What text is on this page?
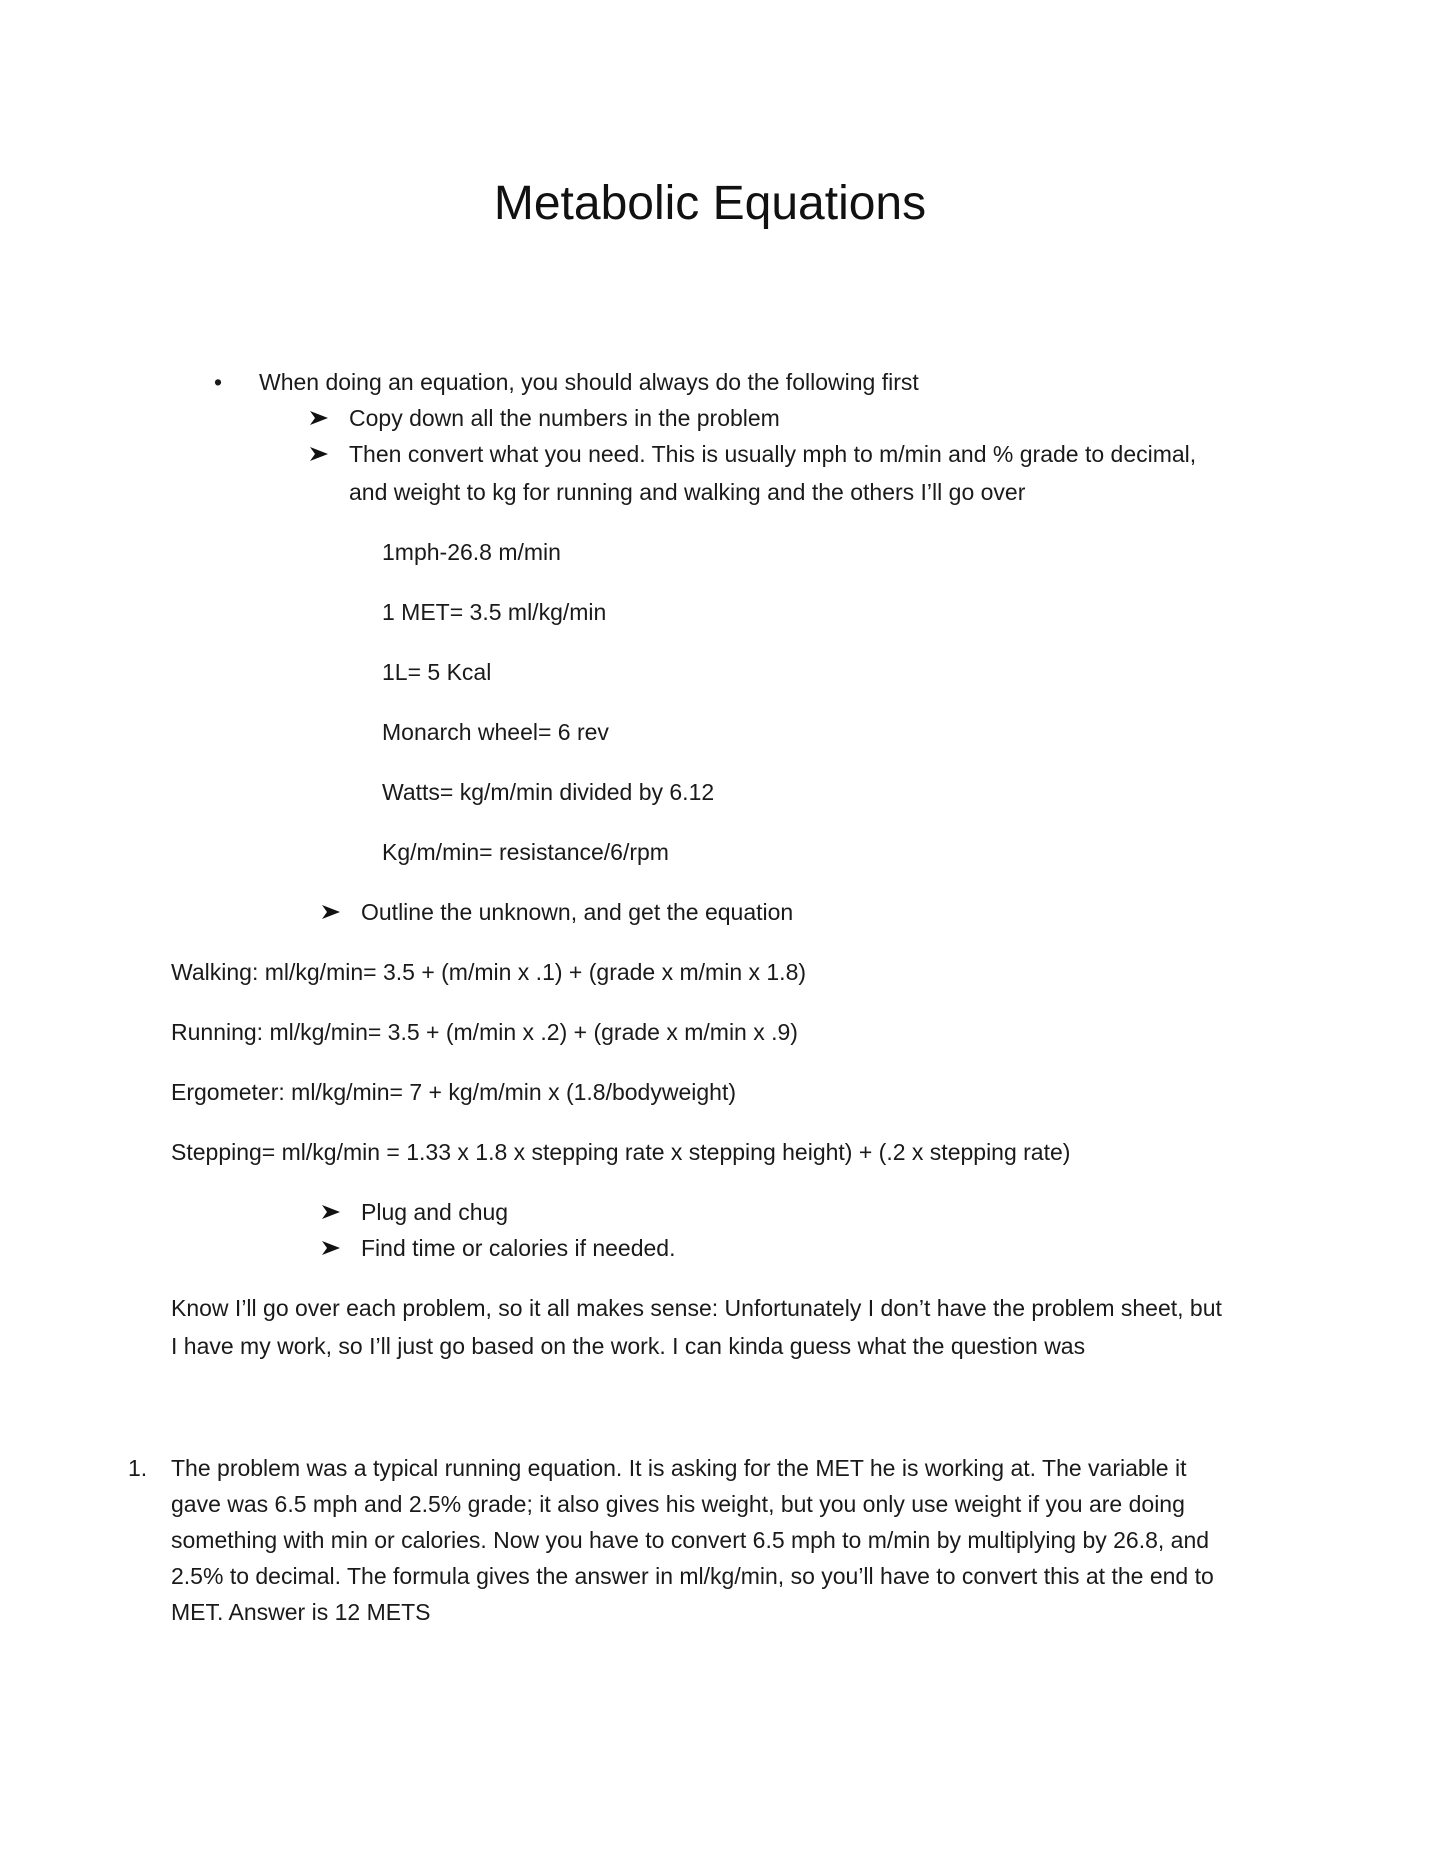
Metabolic Equations
• When doing an equation, you should always do the following first
Copy down all the numbers in the problem
Then convert what you need. This is usually mph to m/min and % grade to decimal,
and weight to kg for running and walking and the others I’ll go over
1mph-26.8 m/min
1 MET= 3.5 ml/kg/min
1L= 5 Kcal
Monarch wheel= 6 rev
Watts= kg/m/min divided by 6.12
Kg/m/min= resistance/6/rpm
Outline the unknown, and get the equation
Walking: ml/kg/min= 3.5 + (m/min x .1) + (grade x m/min x 1.8)
Running: ml/kg/min= 3.5 + (m/min x .2) + (grade x m/min x .9)
Ergometer: ml/kg/min= 7 + kg/m/min x (1.8/bodyweight)
Stepping= ml/kg/min = 1.33 x 1.8 x stepping rate x stepping height) + (.2 x stepping rate)
Plug and chug
Find time or calories if needed.
Know I’ll go over each problem, so it all makes sense: Unfortunately I don’t have the problem sheet, but
I have my work, so I’ll just go based on the work. I can kinda guess what the question was
1. The problem was a typical running equation. It is asking for the MET he is working at. The variable it
gave was 6.5 mph and 2.5% grade; it also gives his weight, but you only use weight if you are doing
something with min or calories. Now you have to convert 6.5 mph to m/min by multiplying by 26.8, and
2.5% to decimal. The formula gives the answer in ml/kg/min, so you’ll have to convert this at the end to
MET. Answer is 12 METS
